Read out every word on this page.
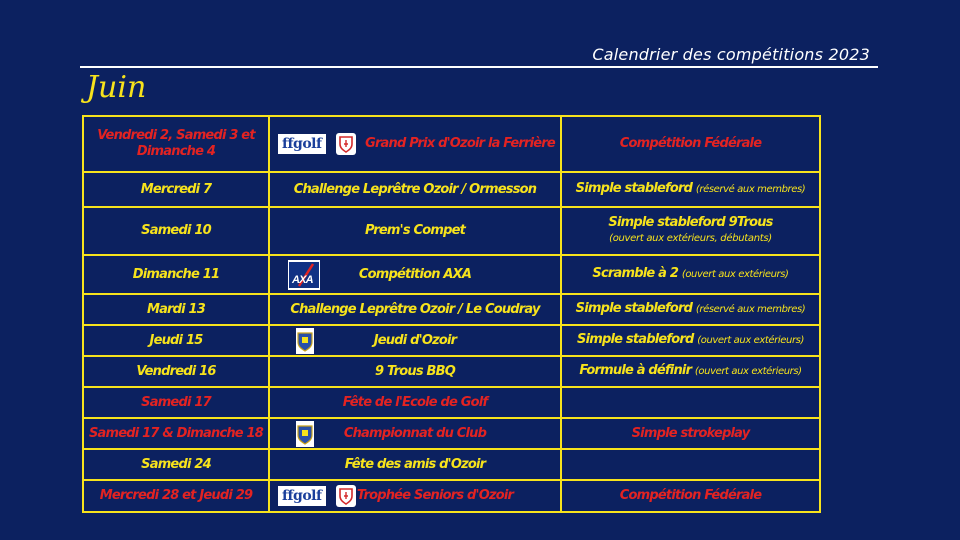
Calendrier des compétitions 2023
Juin
Vendredi 2, Samedi 3 et Dimanche 4	ffgolf Grand Prix d'Ozoir la Ferrière	Compétition Fédérale
Mercredi 7	Challenge Leprêtre Ozoir / Ormesson	Simple stableford (réservé aux membres)
Samedi 10	Prem's Compet	Simple stableford 9Trous
(ouvert aux extérieurs, débutants)

Dimanche 11	AXA Compétition AXA	Scramble à 2 (ouvert aux extérieurs)
Mardi 13	Challenge Leprêtre Ozoir / Le Coudray	Simple stableford (réservé aux membres)
Jeudi 15	Jeudi d'Ozoir	Simple stableford (ouvert aux extérieurs)
Vendredi 16	9 Trous BBQ	Formule à définir (ouvert aux extérieurs)
Samedi 17	Fête de l'Ecole de Golf	
Samedi 17 & Dimanche 18	Championnat du Club	Simple strokeplay
Samedi 24	Fête des amis d'Ozoir	
Mercredi 28 et Jeudi 29	ffgolf Trophée Seniors d'Ozoir	Compétition Fédérale
